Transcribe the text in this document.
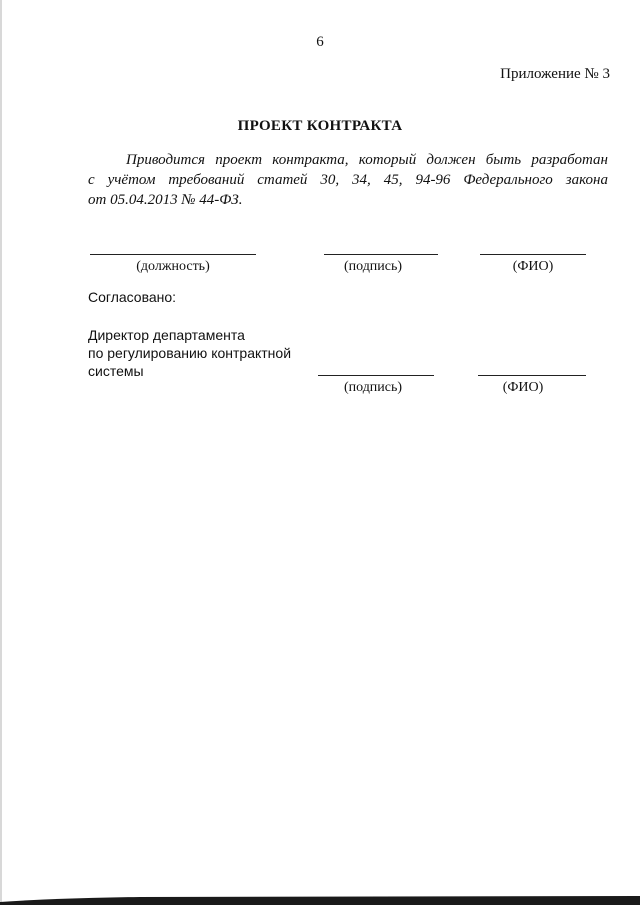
6
Приложение № 3
ПРОЕКТ КОНТРАКТА
Приводится проект контракта, который должен быть разработан
с учётом требований статей 30, 34, 45, 94-96 Федерального закона
от 05.04.2013 № 44-ФЗ.
(должность)	(подпись)	(ФИО)
Согласовано:
Директор департамента
по регулированию контрактной
системы
(подпись)	(ФИО)
